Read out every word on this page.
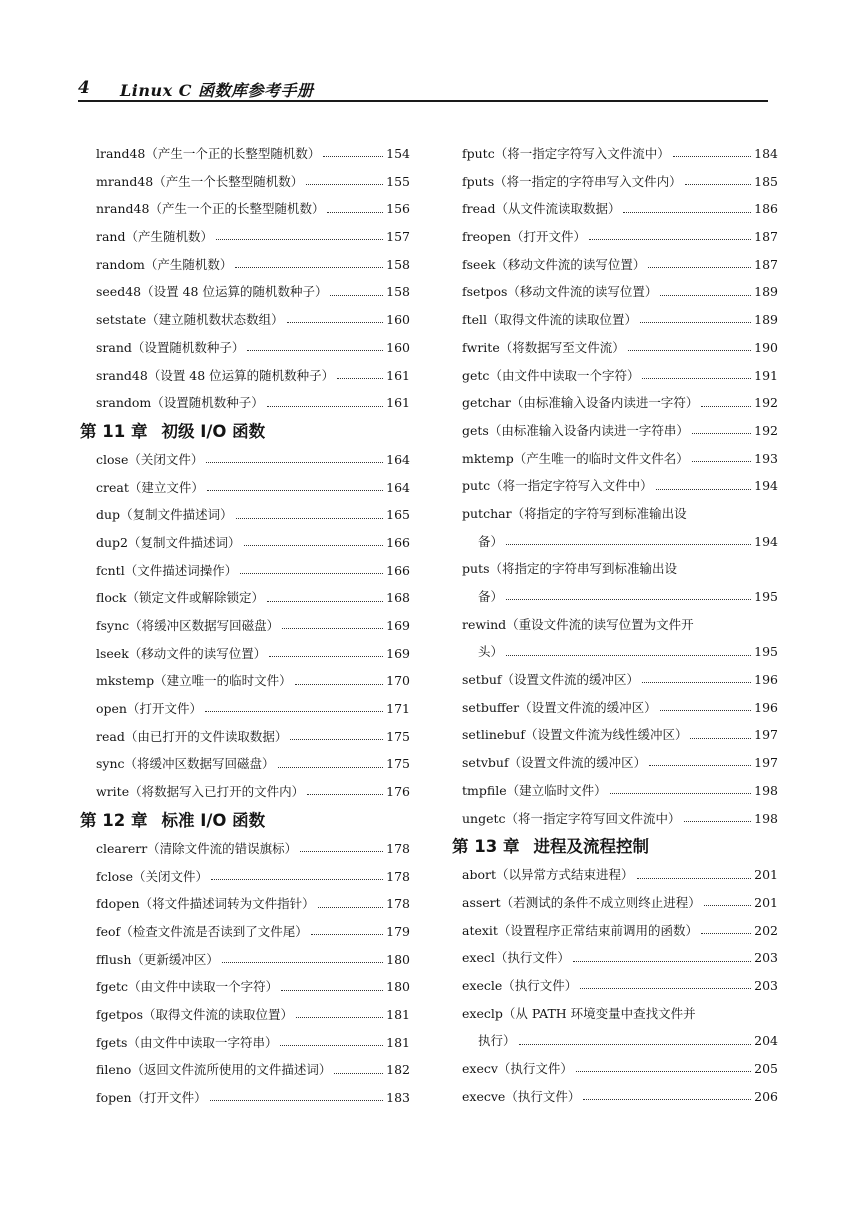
4 Linux C 函数库参考手册
lrand48 （产生一个正的长整型随机数）	154
mrand48 （产生一个长整型随机数）	155
nrand48 （产生一个正的长整型随机数）	156
rand （产生随机数）	157
random （产生随机数）	158
seed48 （设置 48 位运算的随机数种子）	158
setstate （建立随机数状态数组）	160
srand （设置随机数种子）	160
srand48 （设置 48 位运算的随机数种子）	161
srandom （设置随机数种子）	161
第 11 章 初级 I/O 函数
close （关闭文件）	164
creat （建立文件）	164
dup （复制文件描述词）	165
dup2 （复制文件描述词）	166
fcntl （文件描述词操作）	166
flock （锁定文件或解除锁定）	168
fsync （将缓冲区数据写回磁盘）	169
lseek （移动文件的读写位置）	169
mkstemp （建立唯一的临时文件）	170
open （打开文件）	171
read （由已打开的文件读取数据）	175
sync （将缓冲区数据写回磁盘）	175
write （将数据写入已打开的文件内）	176
第 12 章 标准 I/O 函数
clearerr （清除文件流的错误旗标）	178
fclose （关闭文件）	178
fdopen （将文件描述词转为文件指针）	178
feof （检查文件流是否读到了文件尾）	179
fflush （更新缓冲区）	180
fgetc （由文件中读取一个字符）	180
fgetpos （取得文件流的读取位置）	181
fgets （由文件中读取一字符串）	181
fileno （返回文件流所使用的文件描述词）	182
fopen （打开文件）	183
fputc （将一指定字符写入文件流中）	184
fputs （将一指定的字符串写入文件内）	185
fread （从文件流读取数据）	186
freopen （打开文件）	187
fseek （移动文件流的读写位置）	187
fsetpos （移动文件流的读写位置）	189
ftell （取得文件流的读取位置）	189
fwrite （将数据写至文件流）	190
getc （由文件中读取一个字符）	191
getchar （由标准输入设备内读进一字符）	192
gets （由标准输入设备内读进一字符串）	192
mktemp （产生唯一的临时文件文件名）	193
putc （将一指定字符写入文件中）	194
putchar （将指定的字符写到标准输出设
备）	194
puts （将指定的字符串写到标准输出设
备）	195
rewind （重设文件流的读写位置为文件开
头）	195
setbuf （设置文件流的缓冲区）	196
setbuffer （设置文件流的缓冲区）	196
setlinebuf （设置文件流为线性缓冲区）	197
setvbuf （设置文件流的缓冲区）	197
tmpfile （建立临时文件）	198
ungetc （将一指定字符写回文件流中）	198
第 13 章 进程及流程控制
abort （以异常方式结束进程）	201
assert （若测试的条件不成立则终止进程）	201
atexit （设置程序正常结束前调用的函数）	202
execl （执行文件）	203
execle （执行文件）	203
execlp （从 PATH 环境变量中查找文件并
执行）	204
execv （执行文件）	205
execve （执行文件）	206
